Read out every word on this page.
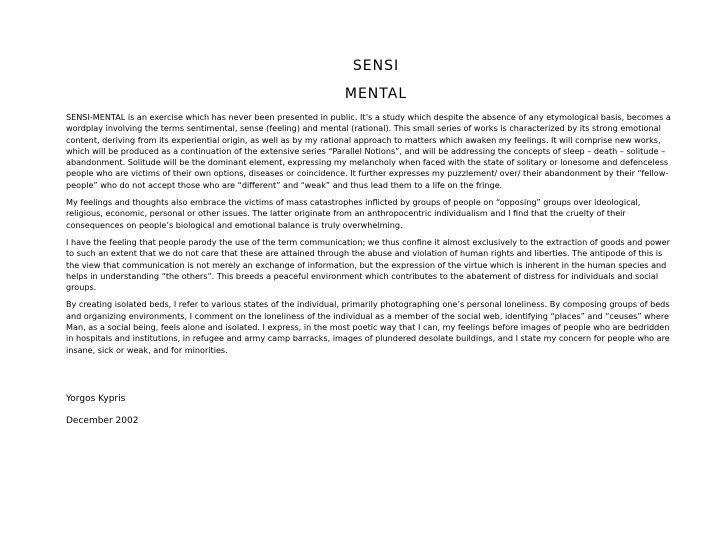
SENSI
MENTAL

SENSI-MENTAL is an exercise which has never been presented in public. It’s a study which despite the absence of any etymological basis, becomes a wordplay involving the terms sentimental, sense (feeling) and mental (rational). This small series of works is characterized by its strong emotional content, deriving from its experiential origin, as well as by my rational approach to matters which awaken my feelings. It will comprise new works, which will be produced as a continuation of the extensive series “Parallel Notions”, and will be addressing the concepts of sleep – death – solitude – abandonment. Solitude will be the dominant element, expressing my melancholy when faced with the state of solitary or lonesome and defenceless people who are victims of their own options, diseases or coincidence. It further expresses my puzzlement/ over/ their abandonment by their “fellow-people” who do not accept those who are “different” and “weak” and thus lead them to a life on the fringe.

My feelings and thoughts also embrace the victims of mass catastrophes inflicted by groups of people on “opposing” groups over ideological, religious, economic, personal or other issues. The latter originate from an anthropocentric individualism and I find that the cruelty of their consequences on people’s biological and emotional balance is truly overwhelming.

I have the feeling that people parody the use of the term communication; we thus confine it almost exclusively to the extraction of goods and power to such an extent that we do not care that these are attained through the abuse and violation of human rights and liberties. The antipode of this is the view that communication is not merely an exchange of information, but the expression of the virtue which is inherent in the human species and helps in understanding “the others”. This breeds a peaceful environment which contributes to the abatement of distress for individuals and social groups.

By creating isolated beds, I refer to various states of the individual, primarily photographing one’s personal loneliness. By composing groups of beds and organizing environments, I comment on the loneliness of the individual as a member of the social web, identifying “places” and “ceuses” where Man, as a social being, feels alone and isolated. I express, in the most poetic way that I can, my feelings before images of people who are bedridden in hospitals and institutions, in refugee and army camp barracks, images of plundered desolate buildings, and I state my concern for people who are insane, sick or weak, and for minorities.

Yorgos Kypris
December 2002
